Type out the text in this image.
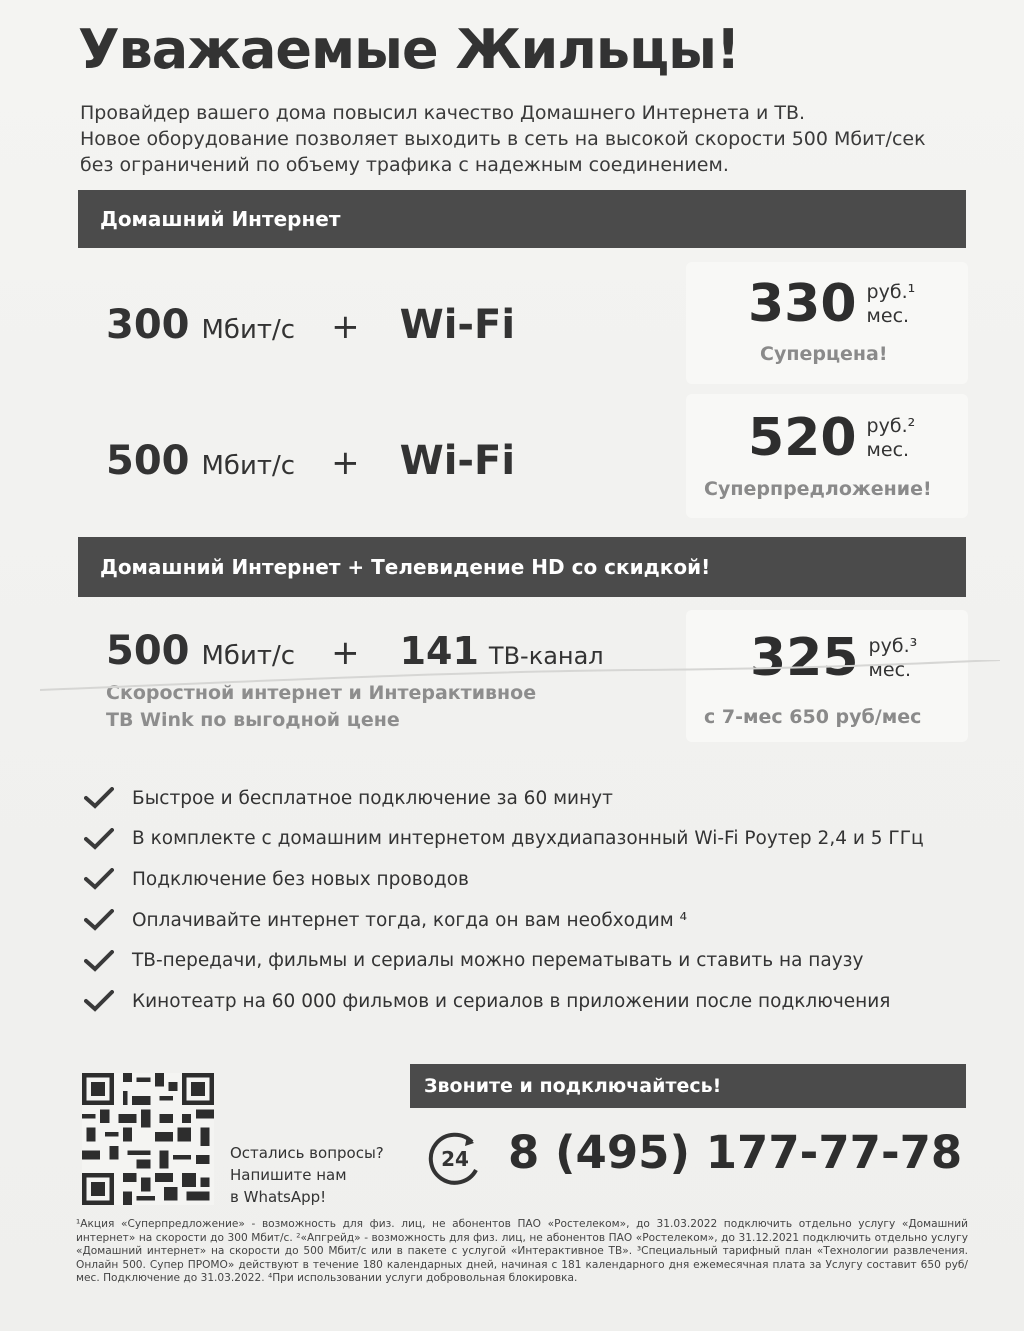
Уважаемые Жильцы!
Провайдер вашего дома повысил качество Домашнего Интернета и ТВ.
Новое оборудование позволяет выходить в сеть на высокой скорости 500 Мбит/сек
без ограничений по объему трафика с надежным соединением.
Домашний Интернет
300 Мбит/с + Wi-Fi	330 руб.¹
мес.
Суперцена!
500 Мбит/с + Wi-Fi	520 руб.²
мес.
Суперпредложение!
Домашний Интернет + Телевидение HD со скидкой!
500 Мбит/с + 141 ТВ-канал
Скоростной интернет и Интерактивное
ТВ Wink по выгодной цене
325 руб.³
мес.
с 7-мес 650 руб/мес
Быстрое и бесплатное подключение за 60 минут
В комплекте с домашним интернетом двухдиапазонный Wi-Fi Роутер 2,4 и 5 ГГц
Подключение без новых проводов
Оплачивайте интернет тогда, когда он вам необходим ⁴
ТВ-передачи, фильмы и сериалы можно перематывать и ставить на паузу
Кинотеатр на 60 000 фильмов и сериалов в приложении после подключения
Остались вопросы?
Напишите нам
в WhatsApp!
Звоните и подключайтесь!
24 8 (495) 177-77-78
¹Акция «Суперпредложение» - возможность для физ. лиц, не абонентов ПАО «Ростелеком», до 31.03.2022 подключить отдельно услугу «Домашний интернет» на скорости до 300 Мбит/с. ²«Апгрейд» - возможность для физ. лиц, не абонентов ПАО «Ростелеком», до 31.12.2021 подключить отдельно услугу «Домашний интернет» на скорости до 500 Мбит/с или в пакете с услугой «Интерактивное ТВ». ³Специальный тарифный план «Технологии развлечения. Онлайн 500. Супер ПРОМО» действуют в течение 180 календарных дней, начиная с 181 календарного дня ежемесячная плата за Услугу составит 650 руб/мес. Подключение до 31.03.2022. ⁴При использовании услуги добровольная блокировка.
